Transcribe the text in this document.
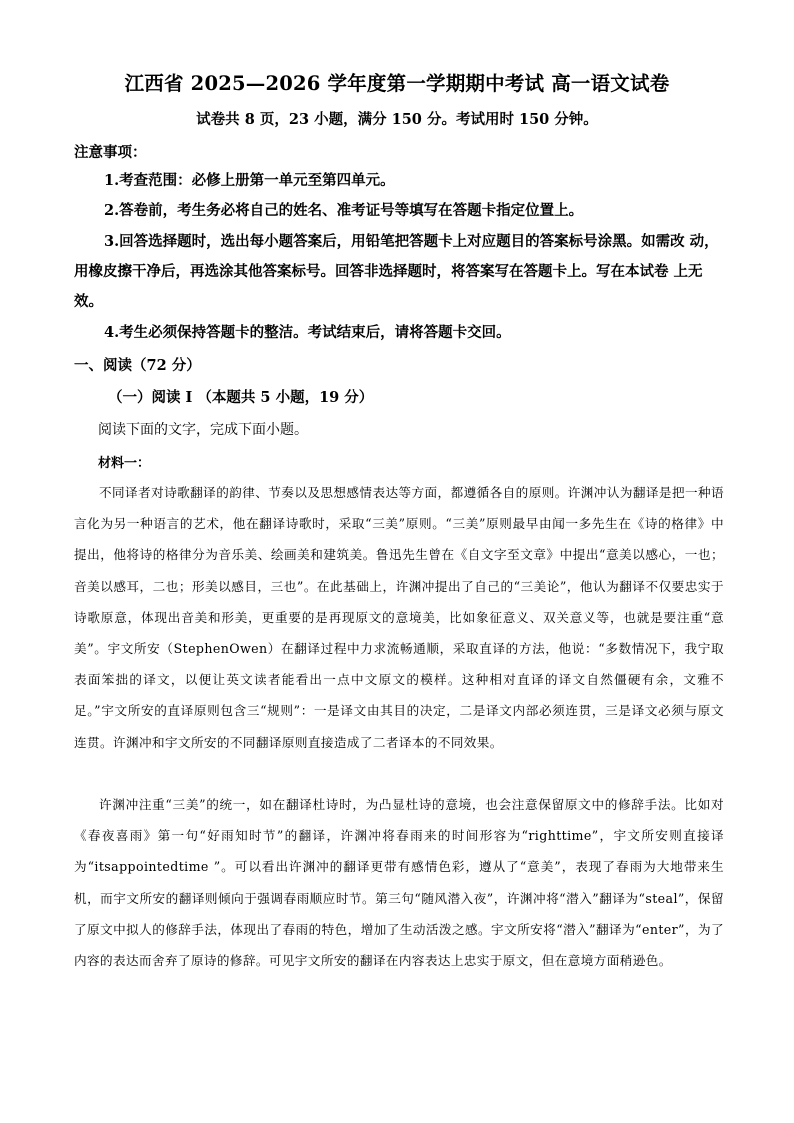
江西省 2025—2026 学年度第一学期期中考试 高一语文试卷
试卷共 8 页，23 小题，满分 150 分。考试用时 150 分钟。
注意事项：
1.考查范围：必修上册第一单元至第四单元。
2.答卷前，考生务必将自己的姓名、准考证号等填写在答题卡指定位置上。
3.回答选择题时，选出每小题答案后，用铅笔把答题卡上对应题目的答案标号涂黑。如需改 动，用橡皮擦干净后，再选涂其他答案标号。回答非选择题时，将答案写在答题卡上。写在本试卷 上无效。
4.考生必须保持答题卡的整洁。考试结束后，请将答题卡交回。
一、阅读（72 分）
（一）阅读 I （本题共 5 小题，19 分）
阅读下面的文字，完成下面小题。
材料一：
不同译者对诗歌翻译的韵律、节奏以及思想感情表达等方面，都遵循各自的原则。许渊冲认为翻译是把一种语言化为另一种语言的艺术，他在翻译诗歌时，采取“三美”原则。“三美”原则最早由闻一多先生在《诗的格律》中提出，他将诗的格律分为音乐美、绘画美和建筑美。鲁迅先生曾在《自文字至文章》中提出“意美以感心，一也；音美以感耳，二也；形美以感目，三也”。在此基础上，许渊冲提出了自己的“三美论”，他认为翻译不仅要忠实于诗歌原意，体现出音美和形美，更重要的是再现原文的意境美，比如象征意义、双关意义等，也就是要注重“意美”。宇文所安（StephenOwen）在翻译过程中力求流畅通顺，采取直译的方法，他说：“多数情况下，我宁取表面笨拙的译文，以便让英文读者能看出一点中文原文的模样。这种相对直译的译文自然僵硬有余，文雅不足。”宇文所安的直译原则包含三“规则”：一是译文由其目的决定，二是译文内部必须连贯，三是译文必须与原文连贯。许渊冲和宇文所安的不同翻译原则直接造成了二者译本的不同效果。
许渊冲注重“三美”的统一，如在翻译杜诗时，为凸显杜诗的意境，也会注意保留原文中的修辞手法。比如对《春夜喜雨》第一句“好雨知时节”的翻译，许渊冲将春雨来的时间形容为“righttime”，宇文所安则直接译为“itsappointedtime ”。可以看出许渊冲的翻译更带有感情色彩，遵从了“意美”，表现了春雨为大地带来生机，而宇文所安的翻译则倾向于强调春雨顺应时节。第三句“随风潜入夜”，许渊冲将“潜入”翻译为“steal”，保留了原文中拟人的修辞手法，体现出了春雨的特色，增加了生动活泼之感。宇文所安将“潜入”翻译为“enter”，为了内容的表达而舍弃了原诗的修辞。可见宇文所安的翻译在内容表达上忠实于原文，但在意境方面稍逊色。
